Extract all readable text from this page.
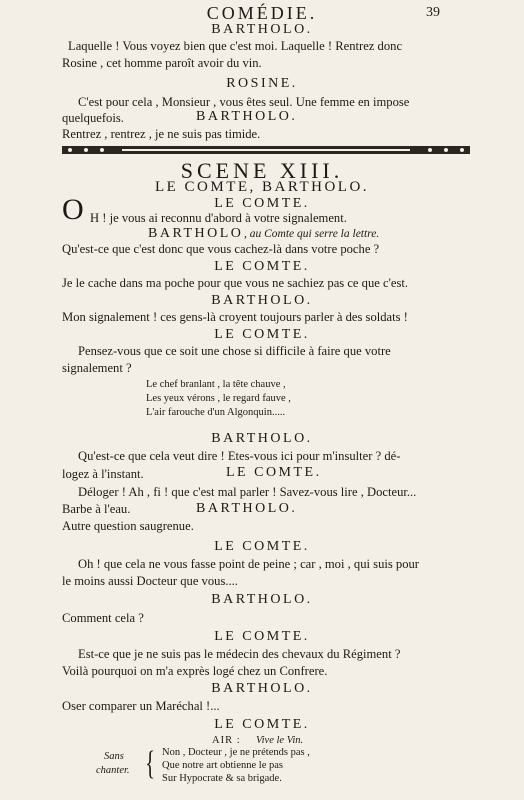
COMÉDIE.	39
BARTHOLO.
Laquelle ! Vous voyez bien que c'est moi. Laquelle ! Rentrez donc
Rosine , cet homme paroît avoir du vin.
ROSINE.
C'est pour cela , Monsieur , vous êtes seul. Une femme en impose
quelquefois.	BARTHOLO.
Rentrez , rentrez , je ne suis pas timide.
SCENE XIII.
LE COMTE, BARTHOLO.
LE COMTE.
O H ! je vous ai reconnu d'abord à votre signalement.
BARTHOLO , au Comte qui serre la lettre.
Qu'est-ce que c'est donc que vous cachez-là dans votre poche ?
LE COMTE.
Je le cache dans ma poche pour que vous ne sachiez pas ce que c'est.
BARTHOLO.
Mon signalement ! ces gens-là croyent toujours parler à des soldats !
LE COMTE.
Pensez-vous que ce soit une chose si difficile à faire que votre
signalement ?
Le chef branlant , la tête chauve ,
Les yeux vérons , le regard fauve ,
L'air farouche d'un Algonquin.....
BARTHOLO.
Qu'est-ce que cela veut dire ! Etes-vous ici pour m'insulter ? dé-
logez à l'instant.	LE COMTE.
Déloger ! Ah , fi ! que c'est mal parler ! Savez-vous lire , Docteur...
Barbe à l'eau.	BARTHOLO.
Autre question saugrenue.
LE COMTE.
Oh ! que cela ne vous fasse point de peine ; car , moi , qui suis pour
le moins aussi Docteur que vous....
BARTHOLO.
Comment cela ?
LE COMTE.
Est-ce que je ne suis pas le médecin des chevaux du Régiment ?
Voilà pourquoi on m'a exprès logé chez un Confrere.
BARTHOLO.
Oser comparer un Maréchal !...
LE COMTE.
AIR : Vive le Vin.
Sans
chanter. { Non , Docteur , je ne prétends pas ,
Que notre art obtienne le pas
Sur Hypocrate & sa brigade.
